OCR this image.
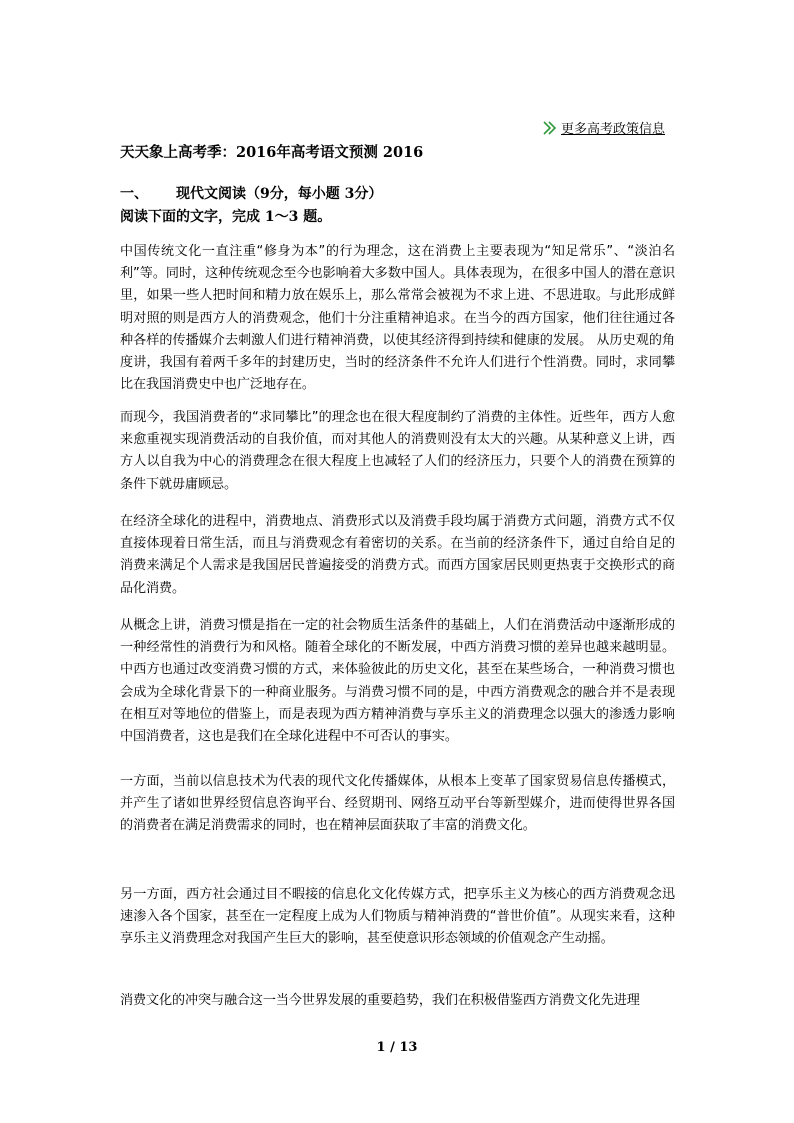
更多高考政策信息
天天象上高考季：2016年高考语文预测 2016
一、	现代文阅读（9分，每小题 3分）

阅读下面的文字，完成 1～3 题。

中国传统文化一直注重“修身为本”的行为理念，这在消费上主要表现为“知足常乐”、“淡泊名利”等。同时，这种传统观念至今也影响着大多数中国人。具体表现为，在很多中国人的潜在意识里，如果一些人把时间和精力放在娱乐上，那么常常会被视为不求上进、不思进取。与此形成鲜明对照的则是西方人的消费观念，他们十分注重精神追求。在当今的西方国家，他们往往通过各种各样的传播媒介去刺激人们进行精神消费，以使其经济得到持续和健康的发展。 从历史观的角度讲，我国有着两千多年的封建历史，当时的经济条件不允许人们进行个性消费。同时，求同攀比在我国消费史中也广泛地存在。

而现今，我国消费者的“求同攀比”的理念也在很大程度制约了消费的主体性。近些年，西方人愈来愈重视实现消费活动的自我价值，而对其他人的消费则没有太大的兴趣。从某种意义上讲，西方人以自我为中心的消费理念在很大程度上也减轻了人们的经济压力，只要个人的消费在预算的条件下就毋庸顾忌。

在经济全球化的进程中，消费地点、消费形式以及消费手段均属于消费方式问题，消费方式不仅直接体现着日常生活，而且与消费观念有着密切的关系。在当前的经济条件下，通过自给自足的消费来满足个人需求是我国居民普遍接受的消费方式。而西方国家居民则更热衷于交换形式的商品化消费。

从概念上讲，消费习惯是指在一定的社会物质生活条件的基础上，人们在消费活动中逐渐形成的一种经常性的消费行为和风格。随着全球化的不断发展，中西方消费习惯的差异也越来越明显。中西方也通过改变消费习惯的方式，来体验彼此的历史文化，甚至在某些场合，一种消费习惯也会成为全球化背景下的一种商业服务。与消费习惯不同的是，中西方消费观念的融合并不是表现在相互对等地位的借鉴上，而是表现为西方精神消费与享乐主义的消费理念以强大的渗透力影响中国消费者，这也是我们在全球化进程中不可否认的事实。

一方面，当前以信息技术为代表的现代文化传播媒体，从根本上变革了国家贸易信息传播模式，并产生了诸如世界经贸信息咨询平台、经贸期刊、网络互动平台等新型媒介，进而使得世界各国的消费者在满足消费需求的同时，也在精神层面获取了丰富的消费文化。

另一方面，西方社会通过目不暇接的信息化文化传媒方式，把享乐主义为核心的西方消费观念迅速渗入各个国家，甚至在一定程度上成为人们物质与精神消费的“普世价值”。从现实来看，这种享乐主义消费理念对我国产生巨大的影响，甚至使意识形态领域的价值观念产生动摇。

消费文化的冲突与融合这一当今世界发展的重要趋势，我们在积极借鉴西方消费文化先进理

1 / 13
